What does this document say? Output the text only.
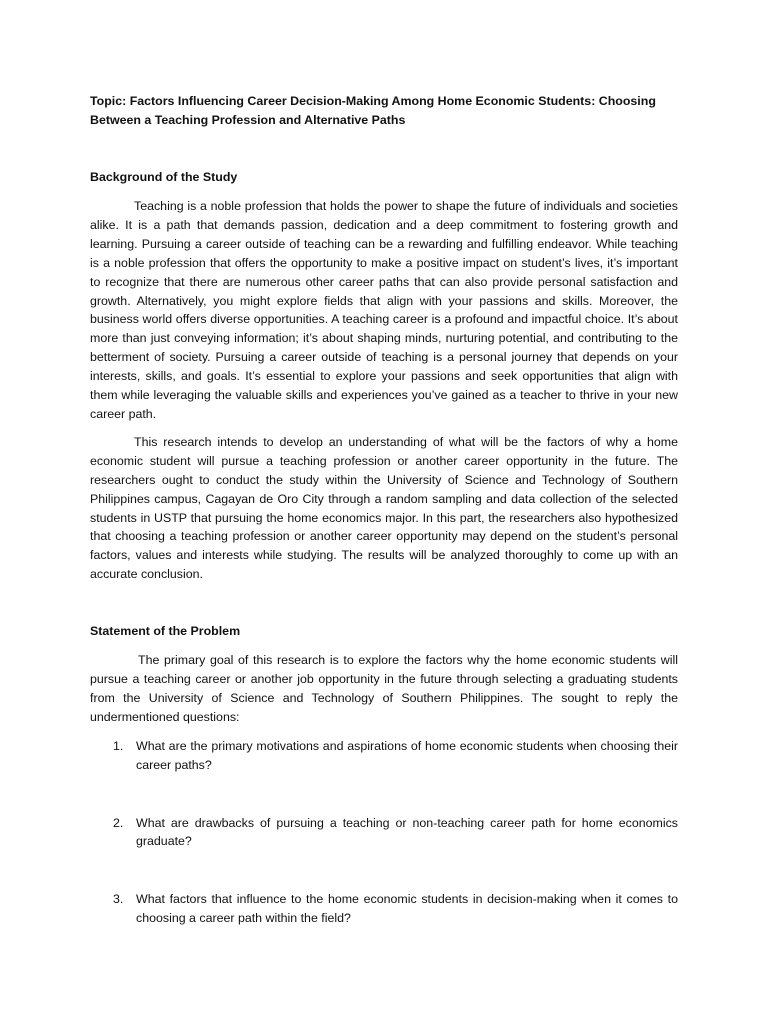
Topic: Factors Influencing Career Decision-Making Among Home Economic Students: Choosing Between a Teaching Profession and Alternative Paths

Background of the Study

Teaching is a noble profession that holds the power to shape the future of individuals and societies alike. It is a path that demands passion, dedication and a deep commitment to fostering growth and learning. Pursuing a career outside of teaching can be a rewarding and fulfilling endeavor. While teaching is a noble profession that offers the opportunity to make a positive impact on student’s lives, it’s important to recognize that there are numerous other career paths that can also provide personal satisfaction and growth. Alternatively, you might explore fields that align with your passions and skills. Moreover, the business world offers diverse opportunities. A teaching career is a profound and impactful choice. It’s about more than just conveying information; it’s about shaping minds, nurturing potential, and contributing to the betterment of society. Pursuing a career outside of teaching is a personal journey that depends on your interests, skills, and goals. It’s essential to explore your passions and seek opportunities that align with them while leveraging the valuable skills and experiences you’ve gained as a teacher to thrive in your new career path.

This research intends to develop an understanding of what will be the factors of why a home economic student will pursue a teaching profession or another career opportunity in the future. The researchers ought to conduct the study within the University of Science and Technology of Southern Philippines campus, Cagayan de Oro City through a random sampling and data collection of the selected students in USTP that pursuing the home economics major. In this part, the researchers also hypothesized that choosing a teaching profession or another career opportunity may depend on the student’s personal factors, values and interests while studying. The results will be analyzed thoroughly to come up with an accurate conclusion.

Statement of the Problem

The primary goal of this research is to explore the factors why the home economic students will pursue a teaching career or another job opportunity in the future through selecting a graduating students from the University of Science and Technology of Southern Philippines. The sought to reply the undermentioned questions:

1.	What are the primary motivations and aspirations of home economic students when choosing their career paths?
2.	What are drawbacks of pursuing a teaching or non-teaching career path for home economics graduate?
3.	What factors that influence to the home economic students in decision-making when it comes to choosing a career path within the field?
